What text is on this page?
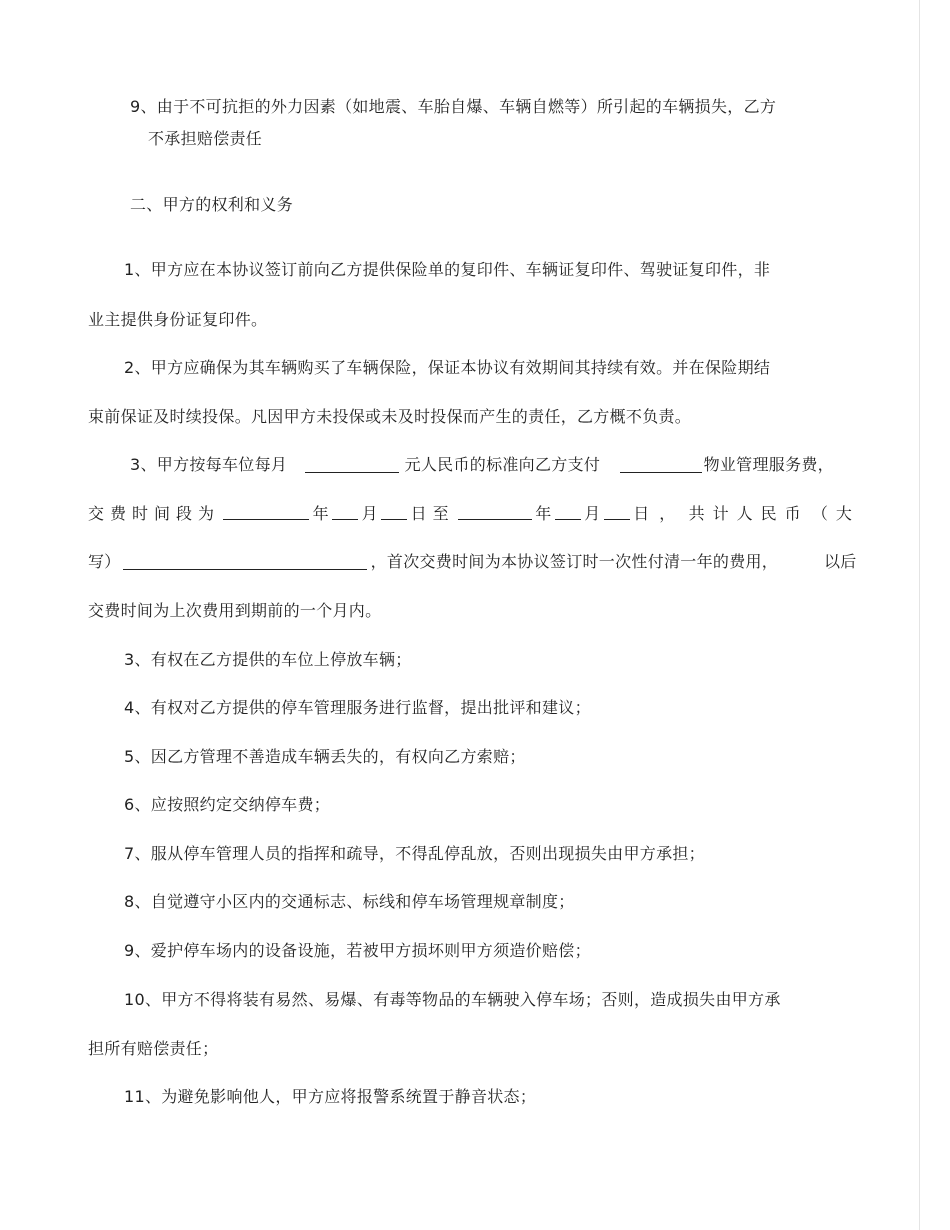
9、由于不可抗拒的外力因素（如地震、车胎自爆、车辆自燃等）所引起的车辆损失，乙方
不承担赔偿责任
二、甲方的权利和义务
1、甲方应在本协议签订前向乙方提供保险单的复印件、车辆证复印件、驾驶证复印件，非
业主提供身份证复印件。
2、甲方应确保为其车辆购买了车辆保险，保证本协议有效期间其持续有效。并在保险期结
束前保证及时续投保。凡因甲方未投保或未及时投保而产生的责任，乙方概不负责。
3、甲方按每车位每月	元人民币的标准向乙方支付	物业管理服务费，
交费时间段为	年 月 日至	年 月 日， 共计人民币 （大
写）	，首次交费时间为本协议签订时一次性付清一年的费用，	以后
交费时间为上次费用到期前的一个月内。
3、有权在乙方提供的车位上停放车辆；
4、有权对乙方提供的停车管理服务进行监督，提出批评和建议；
5、因乙方管理不善造成车辆丢失的，有权向乙方索赔；
6、应按照约定交纳停车费；
7、服从停车管理人员的指挥和疏导，不得乱停乱放，否则出现损失由甲方承担；
8、自觉遵守小区内的交通标志、标线和停车场管理规章制度；
9、爱护停车场内的设备设施，若被甲方损坏则甲方须造价赔偿；
10、甲方不得将装有易然、易爆、有毒等物品的车辆驶入停车场；否则，造成损失由甲方承
担所有赔偿责任；
11、为避免影响他人，甲方应将报警系统置于静音状态；
